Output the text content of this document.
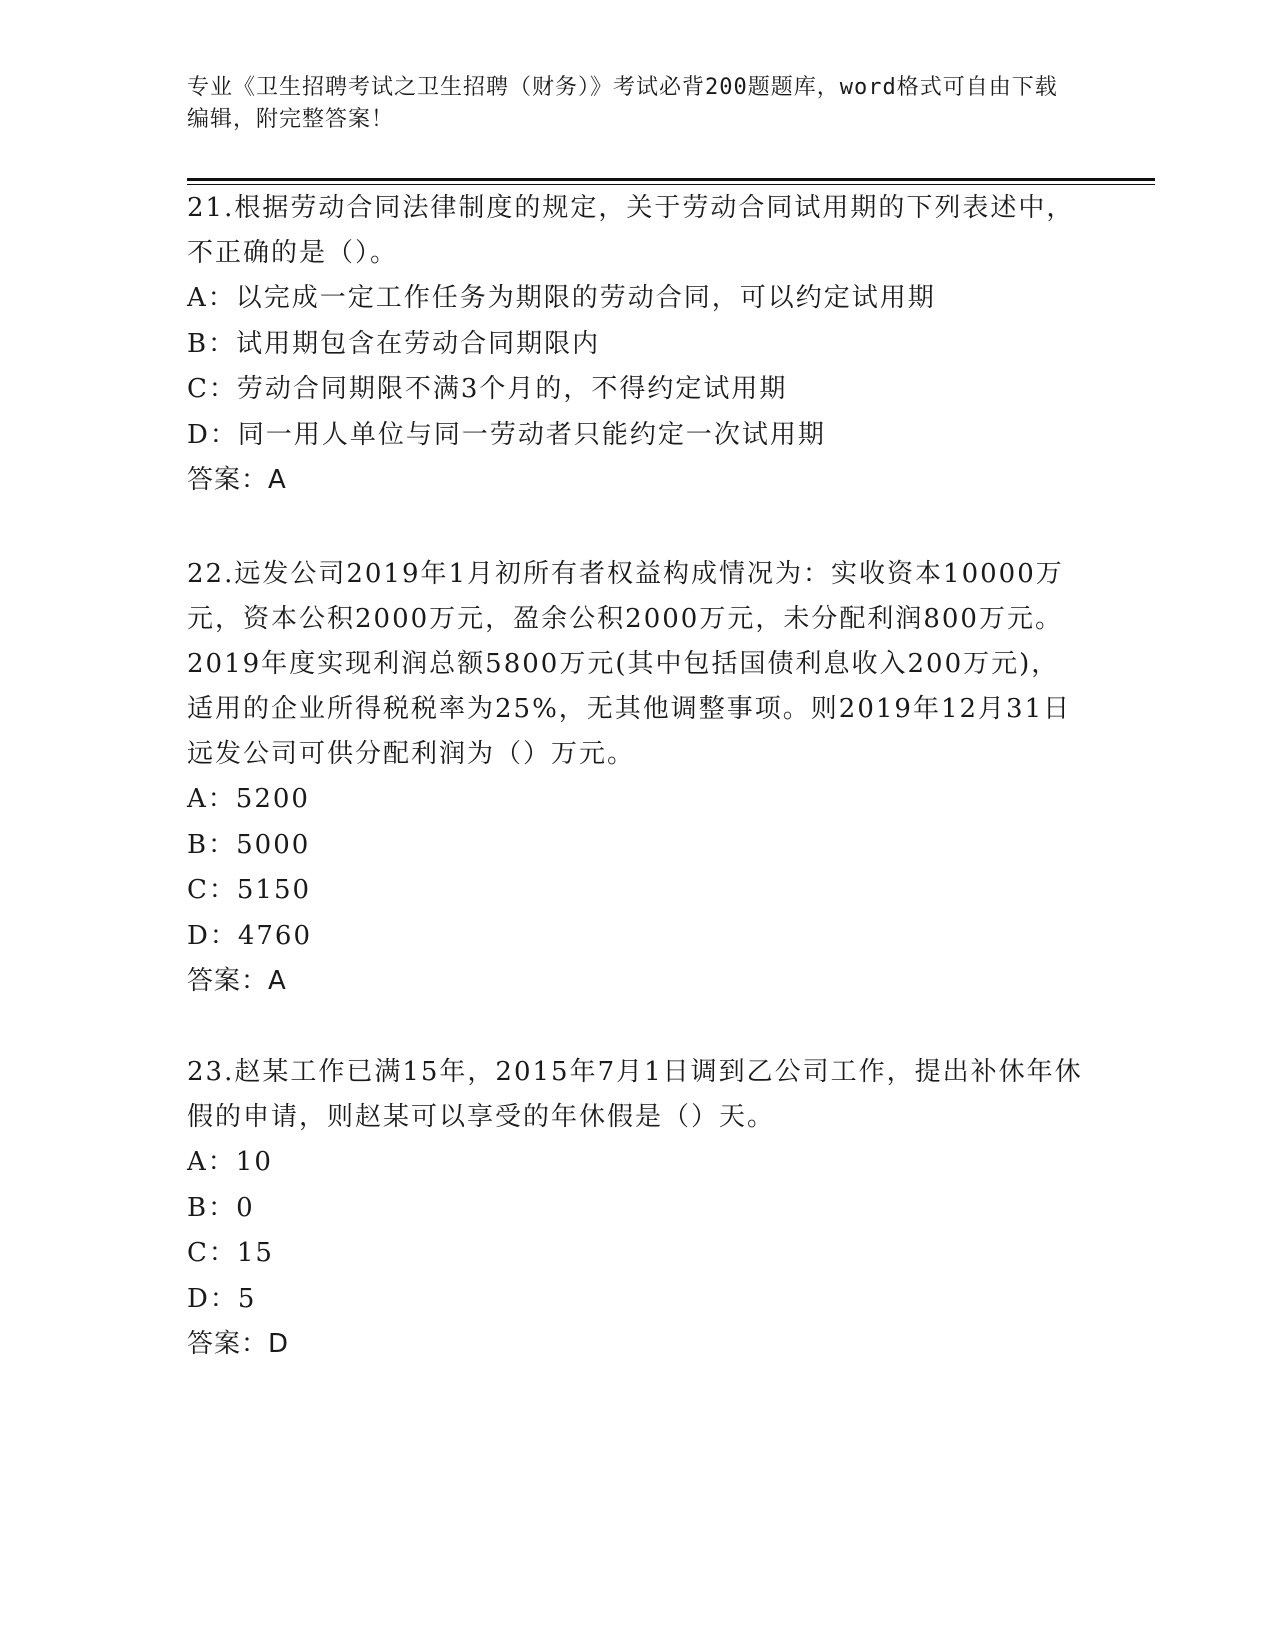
专业《卫生招聘考试之卫生招聘（财务）》考试必背200题题库，word格式可自由下载编辑，附完整答案！

21.根据劳动合同法律制度的规定，关于劳动合同试用期的下列表述中，不正确的是（）。

A：以完成一定工作任务为期限的劳动合同，可以约定试用期

B：试用期包含在劳动合同期限内

C：劳动合同期限不满3个月的，不得约定试用期

D：同一用人单位与同一劳动者只能约定一次试用期

答案：A

22.远发公司2019年1月初所有者权益构成情况为：实收资本10000万元，资本公积2000万元，盈余公积2000万元，未分配利润800万元。2019年度实现利润总额5800万元(其中包括国债利息收入200万元)，适用的企业所得税税率为25%，无其他调整事项。则2019年12月31日远发公司可供分配利润为（）万元。

A：5200

B：5000

C：5150

D：4760

答案：A

23.赵某工作已满15年，2015年7月1日调到乙公司工作，提出补休年休假的申请，则赵某可以享受的年休假是（）天。

A：10

B：0

C：15

D：5

答案：D
